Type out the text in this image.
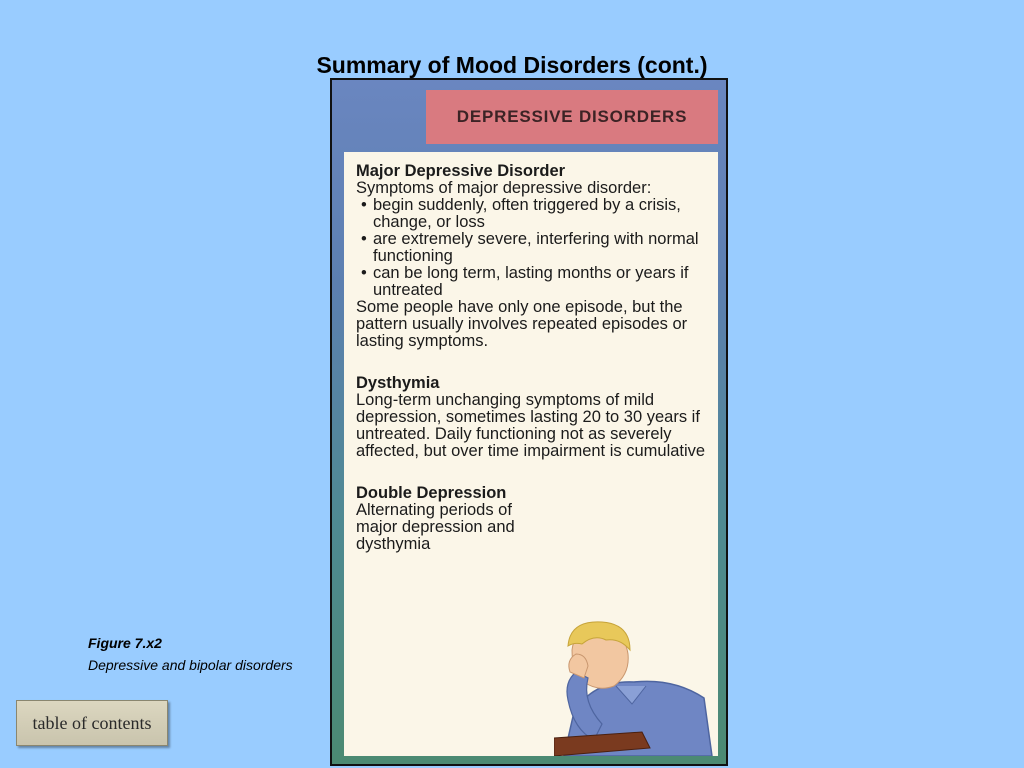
Summary of Mood Disorders (cont.)
DEPRESSIVE DISORDERS
Major Depressive Disorder

Symptoms of major depressive disorder:

• begin suddenly, often triggered by a crisis, change, or loss
• are extremely severe, interfering with normal functioning
• can be long term, lasting months or years if untreated

Some people have only one episode, but the pattern usually involves repeated episodes or lasting symptoms.

Dysthymia

Long-term unchanging symptoms of mild depression, sometimes lasting 20 to 30 years if untreated. Daily functioning not as severely affected, but over time impairment is cumulative

Double Depression

Alternating periods of major depression and dysthymia

Figure 7.x2
Depressive and bipolar disorders
table of contents
